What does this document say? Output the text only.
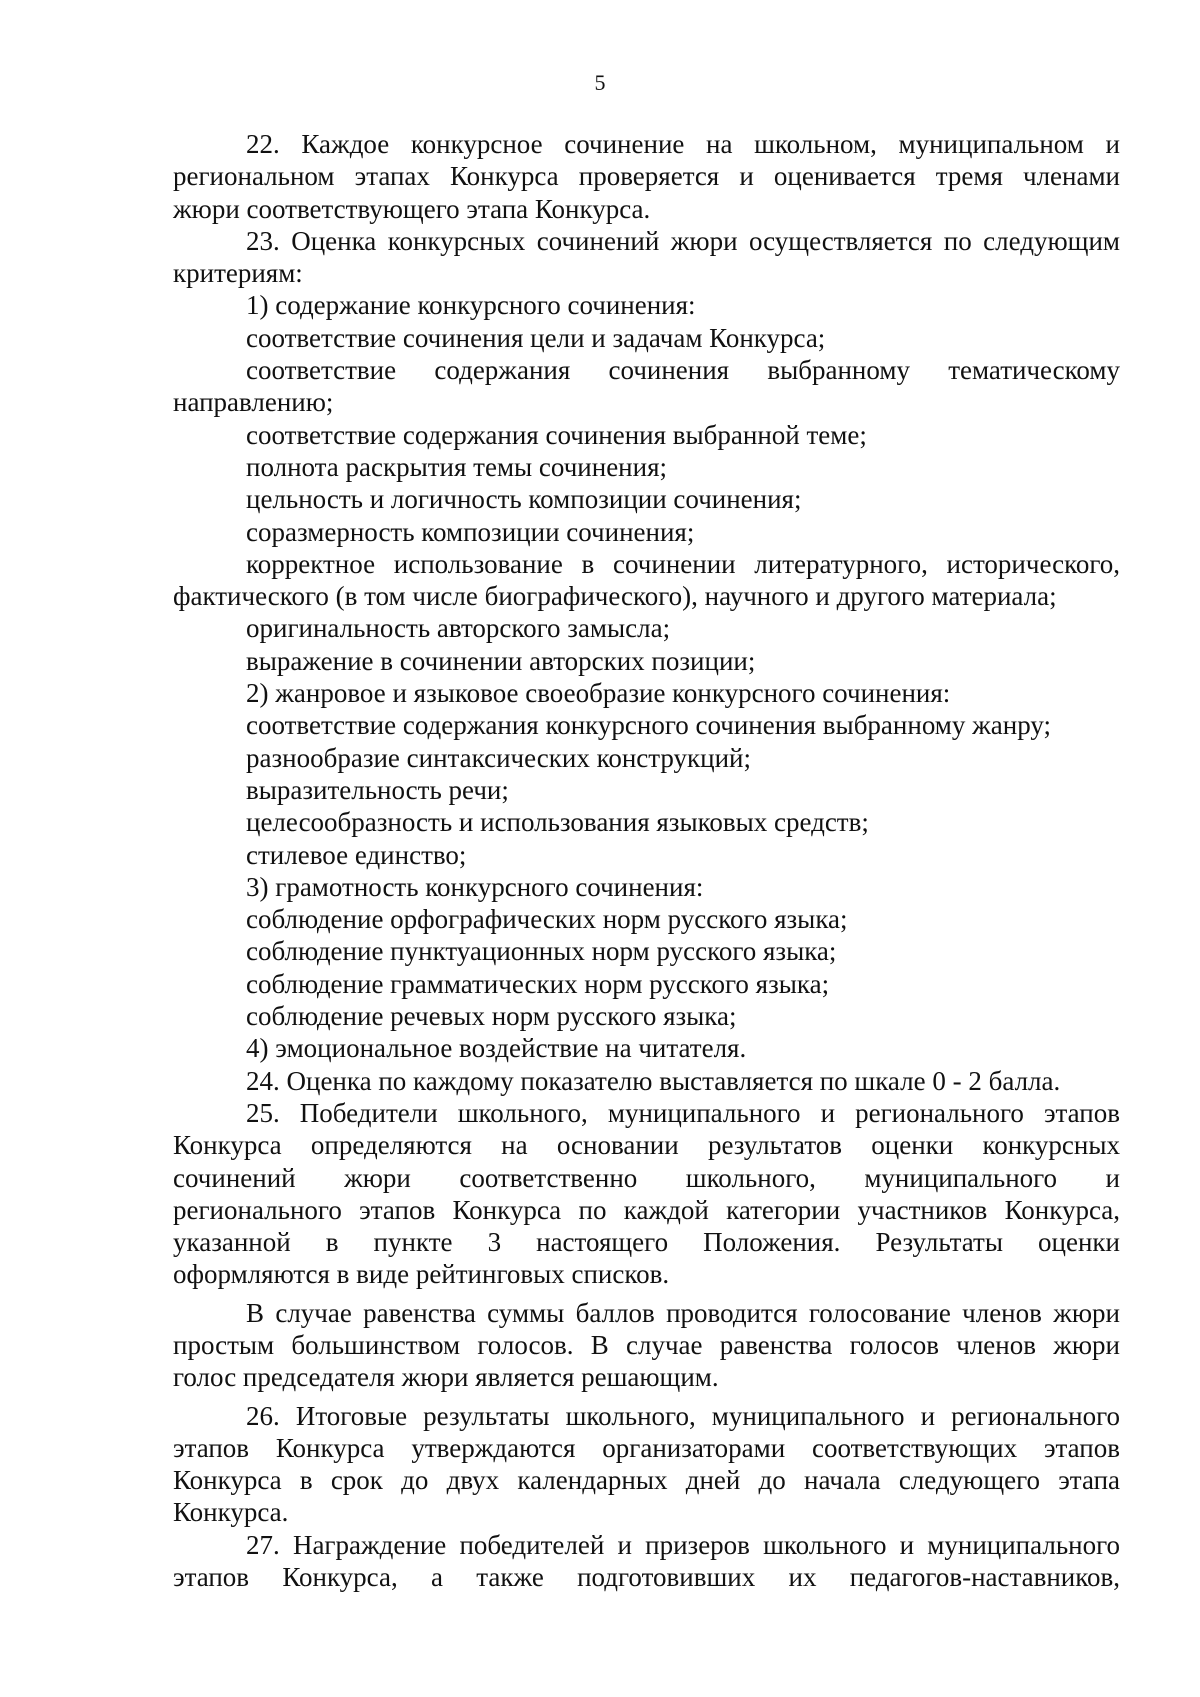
5
22. Каждое конкурсное сочинение на школьном, муниципальном и
региональном этапах Конкурса проверяется и оценивается тремя членами
жюри соответствующего этапа Конкурса.
23. Оценка конкурсных сочинений жюри осуществляется по следующим
критериям:
1) содержание конкурсного сочинения:
соответствие сочинения цели и задачам Конкурса;
соответствие содержания сочинения выбранному тематическому
направлению;
соответствие содержания сочинения выбранной теме;
полнота раскрытия темы сочинения;
цельность и логичность композиции сочинения;
соразмерность композиции сочинения;
корректное использование в сочинении литературного, исторического,
фактического (в том числе биографического), научного и другого материала;
оригинальность авторского замысла;
выражение в сочинении авторских позиции;
2) жанровое и языковое своеобразие конкурсного сочинения:
соответствие содержания конкурсного сочинения выбранному жанру;
разнообразие синтаксических конструкций;
выразительность речи;
целесообразность и использования языковых средств;
стилевое единство;
3) грамотность конкурсного сочинения:
соблюдение орфографических норм русского языка;
соблюдение пунктуационных норм русского языка;
соблюдение грамматических норм русского языка;
соблюдение речевых норм русского языка;
4) эмоциональное воздействие на читателя.
24. Оценка по каждому показателю выставляется по шкале 0 - 2 балла.
25. Победители школьного, муниципального и регионального этапов
Конкурса определяются на основании результатов оценки конкурсных
сочинений жюри соответственно школьного, муниципального и
регионального этапов Конкурса по каждой категории участников Конкурса,
указанной в пункте 3 настоящего Положения. Результаты оценки
оформляются в виде рейтинговых списков.
В случае равенства суммы баллов проводится голосование членов жюри
простым большинством голосов. В случае равенства голосов членов жюри
голос председателя жюри является решающим.
26. Итоговые результаты школьного, муниципального и регионального
этапов Конкурса утверждаются организаторами соответствующих этапов
Конкурса в срок до двух календарных дней до начала следующего этапа
Конкурса.
27. Награждение победителей и призеров школьного и муниципального
этапов Конкурса, а также подготовивших их педагогов-наставников,
